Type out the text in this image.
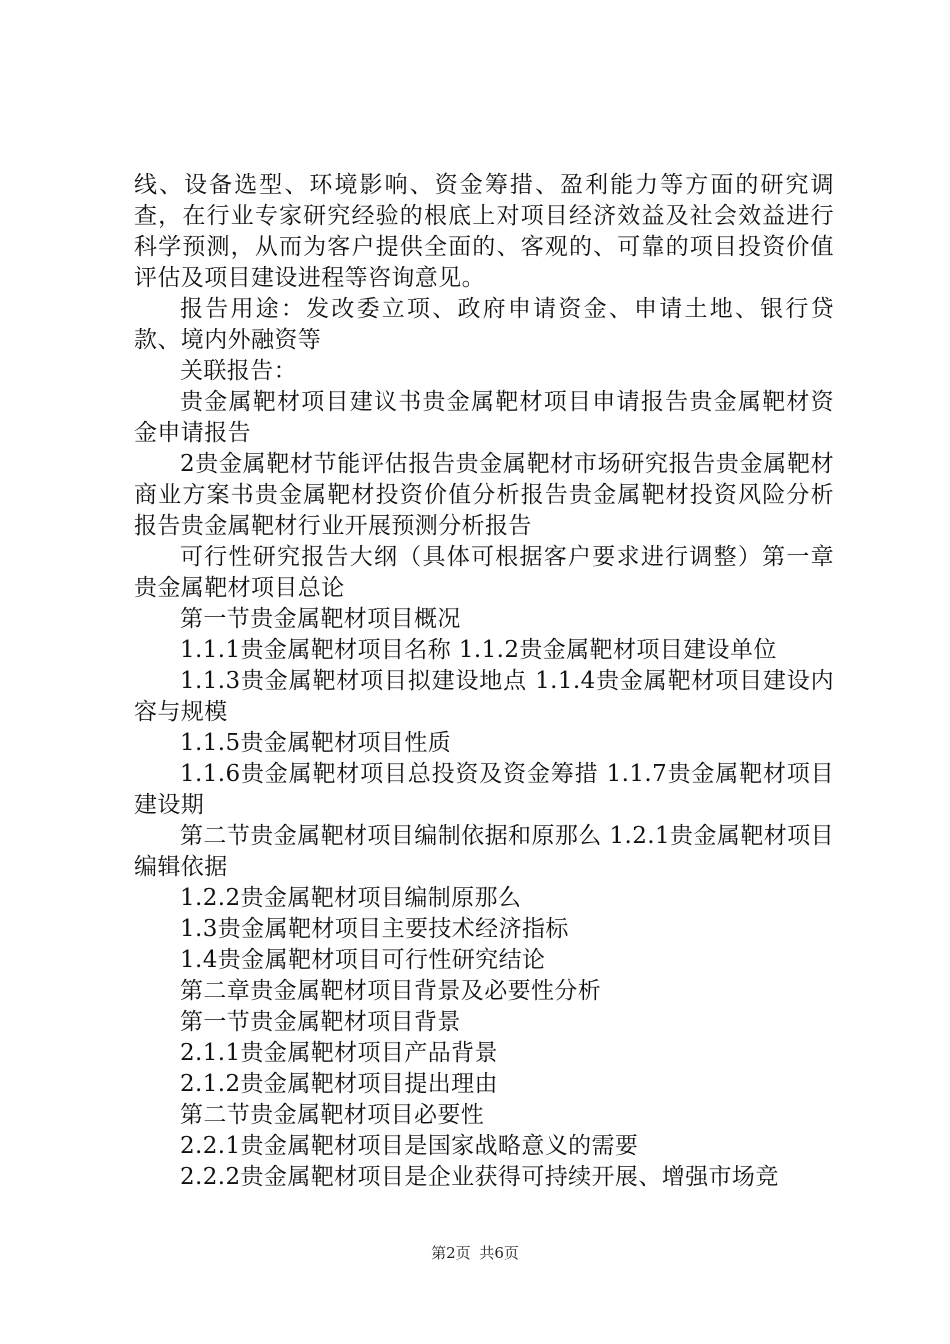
线、设备选型、环境影响、资金筹措、盈利能力等方面的研究调查，在行业专家研究经验的根底上对项目经济效益及社会效益进行科学预测，从而为客户提供全面的、客观的、可靠的项目投资价值评估及项目建设进程等咨询意见。

报告用途：发改委立项、政府申请资金、申请土地、银行贷款、境内外融资等

关联报告：

贵金属靶材项目建议书贵金属靶材项目申请报告贵金属靶材资金申请报告

2贵金属靶材节能评估报告贵金属靶材市场研究报告贵金属靶材商业方案书贵金属靶材投资价值分析报告贵金属靶材投资风险分析报告贵金属靶材行业开展预测分析报告

可行性研究报告大纲（具体可根据客户要求进行调整）第一章贵金属靶材项目总论

第一节贵金属靶材项目概况

1.1.1贵金属靶材项目名称 1.1.2贵金属靶材项目建设单位

1.1.3贵金属靶材项目拟建设地点 1.1.4贵金属靶材项目建设内容与规模

1.1.5贵金属靶材项目性质

1.1.6贵金属靶材项目总投资及资金筹措 1.1.7贵金属靶材项目建设期

第二节贵金属靶材项目编制依据和原那么 1.2.1贵金属靶材项目编辑依据

1.2.2贵金属靶材项目编制原那么

1.3贵金属靶材项目主要技术经济指标

1.4贵金属靶材项目可行性研究结论

第二章贵金属靶材项目背景及必要性分析

第一节贵金属靶材项目背景

2.1.1贵金属靶材项目产品背景

2.1.2贵金属靶材项目提出理由

第二节贵金属靶材项目必要性

2.2.1贵金属靶材项目是国家战略意义的需要

2.2.2贵金属靶材项目是企业获得可持续开展、增强市场竞

第2页 共6页
